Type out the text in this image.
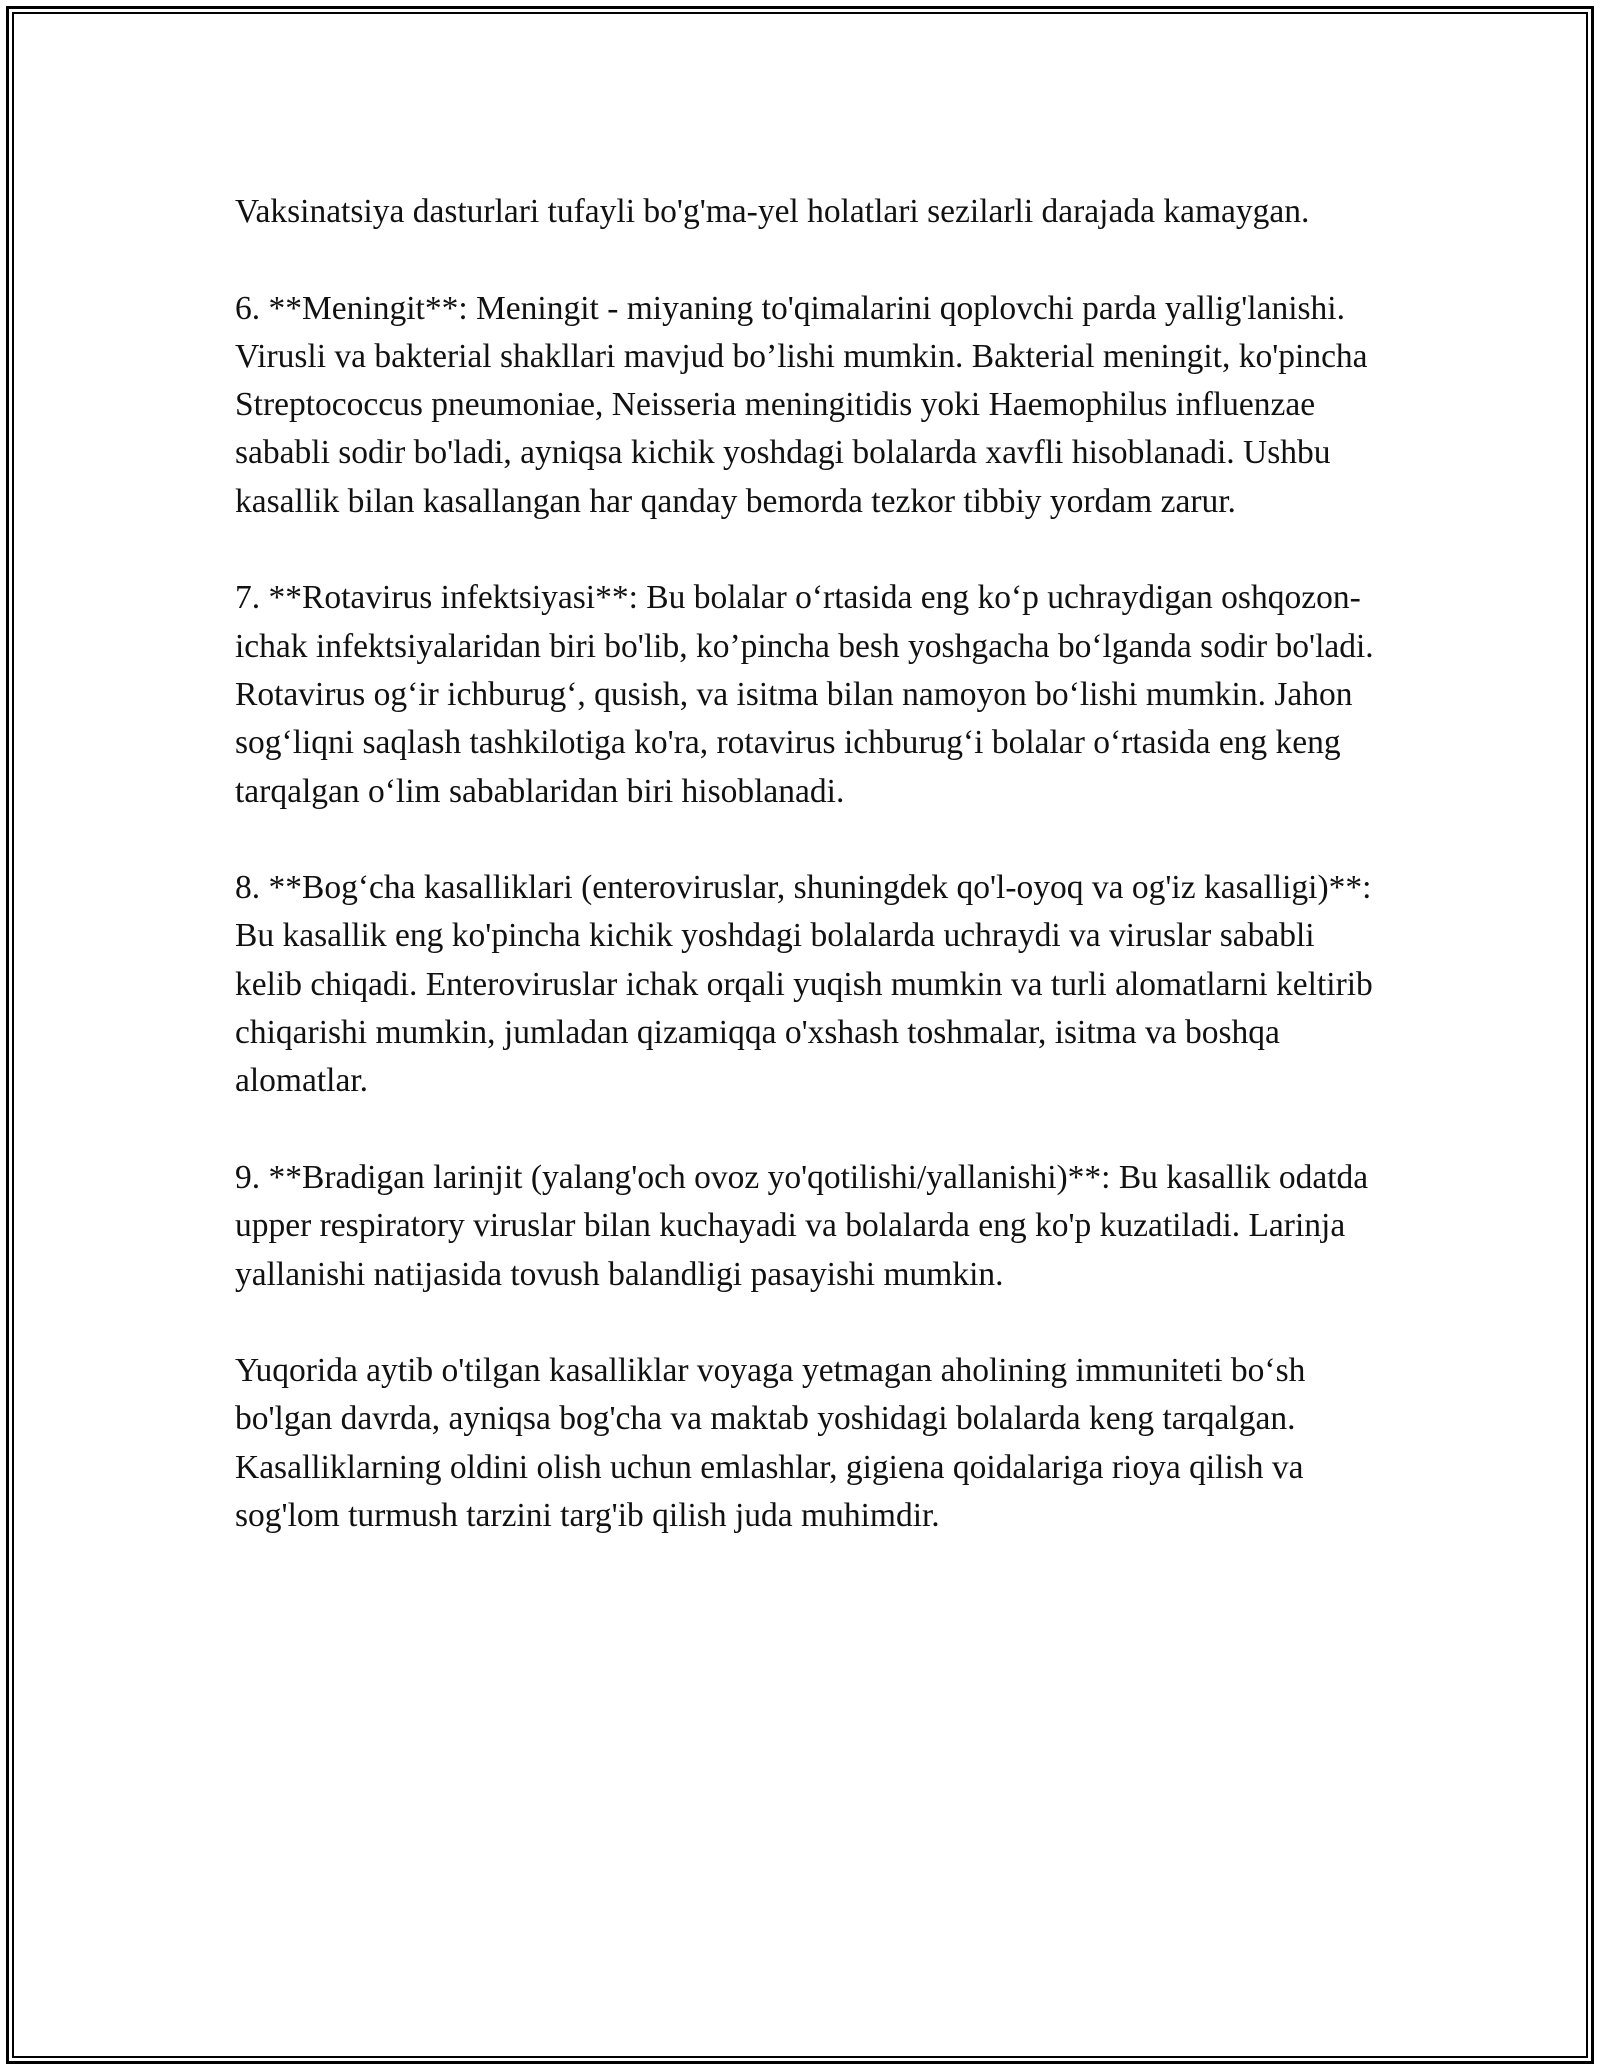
Vaksinatsiya dasturlari tufayli bo'g'ma-yel holatlari sezilarli darajada kamaygan.

6. **Meningit**: Meningit - miyaning to'qimalarini qoplovchi parda yallig'lanishi. Virusli va bakterial shakllari mavjud bo’lishi mumkin. Bakterial meningit, ko'pincha Streptococcus pneumoniae, Neisseria meningitidis yoki Haemophilus influenzae sababli sodir bo'ladi, ayniqsa kichik yoshdagi bolalarda xavfli hisoblanadi. Ushbu kasallik bilan kasallangan har qanday bemorda tezkor tibbiy yordam zarur.

7. **Rotavirus infektsiyasi**: Bu bolalar o‘rtasida eng ko‘p uchraydigan oshqozon-ichak infektsiyalaridan biri bo'lib, ko’pincha besh yoshgacha bo‘lganda sodir bo'ladi. Rotavirus og‘ir ichburug‘, qusish, va isitma bilan namoyon bo‘lishi mumkin. Jahon sog‘liqni saqlash tashkilotiga ko'ra, rotavirus ichburug‘i bolalar o‘rtasida eng keng tarqalgan o‘lim sabablaridan biri hisoblanadi.

8. **Bog‘cha kasalliklari (enteroviruslar, shuningdek qo'l-oyoq va og'iz kasalligi)**: Bu kasallik eng ko'pincha kichik yoshdagi bolalarda uchraydi va viruslar sababli kelib chiqadi. Enteroviruslar ichak orqali yuqish mumkin va turli alomatlarni keltirib chiqarishi mumkin, jumladan qizamiqqa o'xshash toshmalar, isitma va boshqa alomatlar.

9. **Bradigan larinjit (yalang'och ovoz yo'qotilishi/yallanishi)**: Bu kasallik odatda upper respiratory viruslar bilan kuchayadi va bolalarda eng ko'p kuzatiladi. Larinja yallanishi natijasida tovush balandligi pasayishi mumkin.

Yuqorida aytib o'tilgan kasalliklar voyaga yetmagan aholining immuniteti bo‘sh bo'lgan davrda, ayniqsa bog'cha va maktab yoshidagi bolalarda keng tarqalgan. Kasalliklarning oldini olish uchun emlashlar, gigiena qoidalariga rioya qilish va sog'lom turmush tarzini targ'ib qilish juda muhimdir.
